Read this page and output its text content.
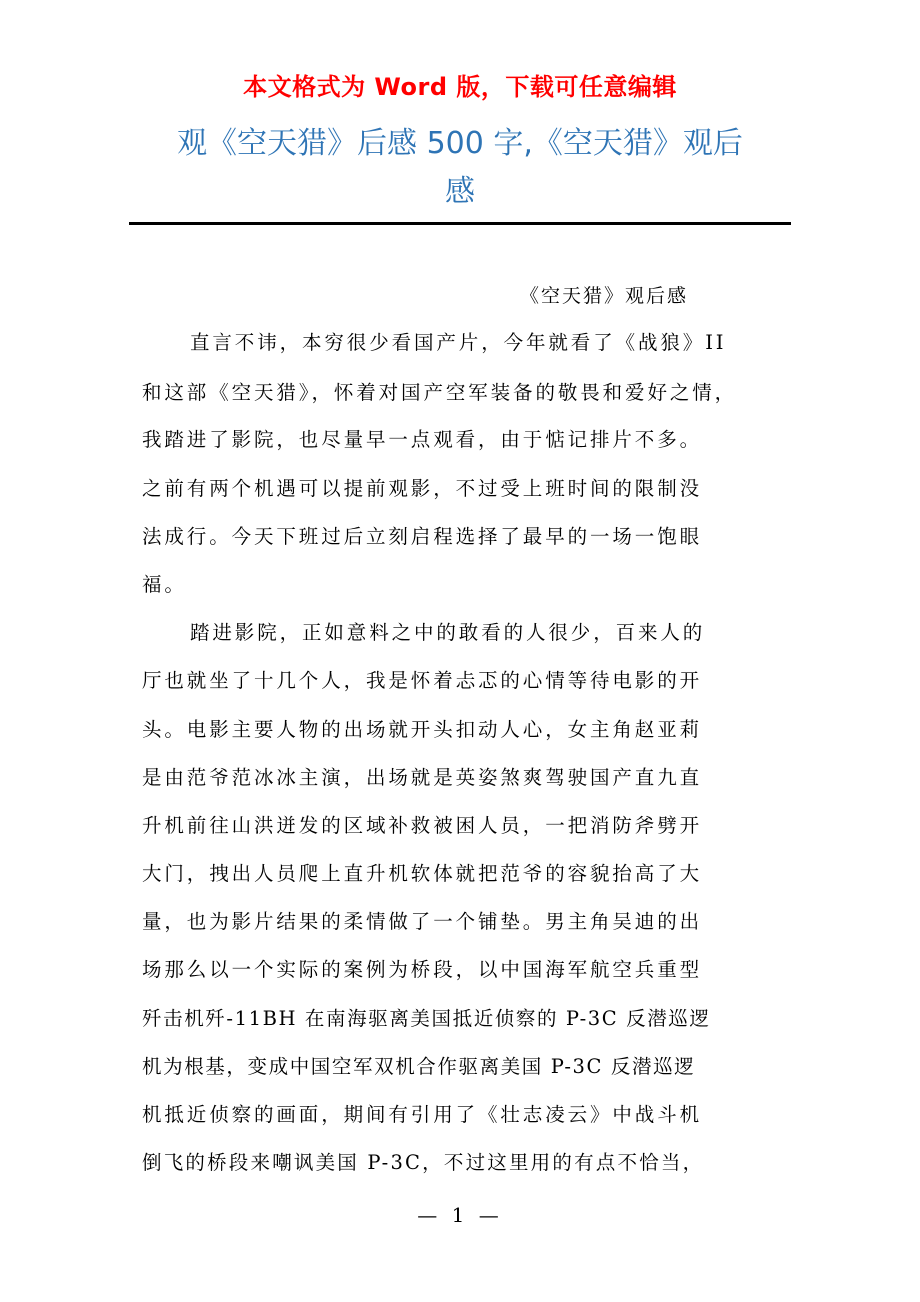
本文格式为 Word 版，下载可任意编辑
观《空天猎》后感 500 字,《空天猎》观后
感
《空天猎》观后感
直言不讳，本穷很少看国产片，今年就看了《战狼》II
和这部《空天猎》，怀着对国产空军装备的敬畏和爱好之情，
我踏进了影院，也尽量早一点观看，由于惦记排片不多。
之前有两个机遇可以提前观影，不过受上班时间的限制没
法成行。今天下班过后立刻启程选择了最早的一场一饱眼
福。
踏进影院，正如意料之中的敢看的人很少，百来人的
厅也就坐了十几个人，我是怀着忐忑的心情等待电影的开
头。电影主要人物的出场就开头扣动人心，女主角赵亚莉
是由范爷范冰冰主演，出场就是英姿煞爽驾驶国产直九直
升机前往山洪迸发的区域补救被困人员，一把消防斧劈开
大门，拽出人员爬上直升机软体就把范爷的容貌抬高了大
量，也为影片结果的柔情做了一个铺垫。男主角吴迪的出
场那么以一个实际的案例为桥段，以中国海军航空兵重型
歼击机歼-11BH 在南海驱离美国抵近侦察的 P-3C 反潜巡逻
机为根基，变成中国空军双机合作驱离美国 P-3C 反潜巡逻
机抵近侦察的画面，期间有引用了《壮志凌云》中战斗机
倒飞的桥段来嘲讽美国 P-3C，不过这里用的有点不恰当，
— 1 —
